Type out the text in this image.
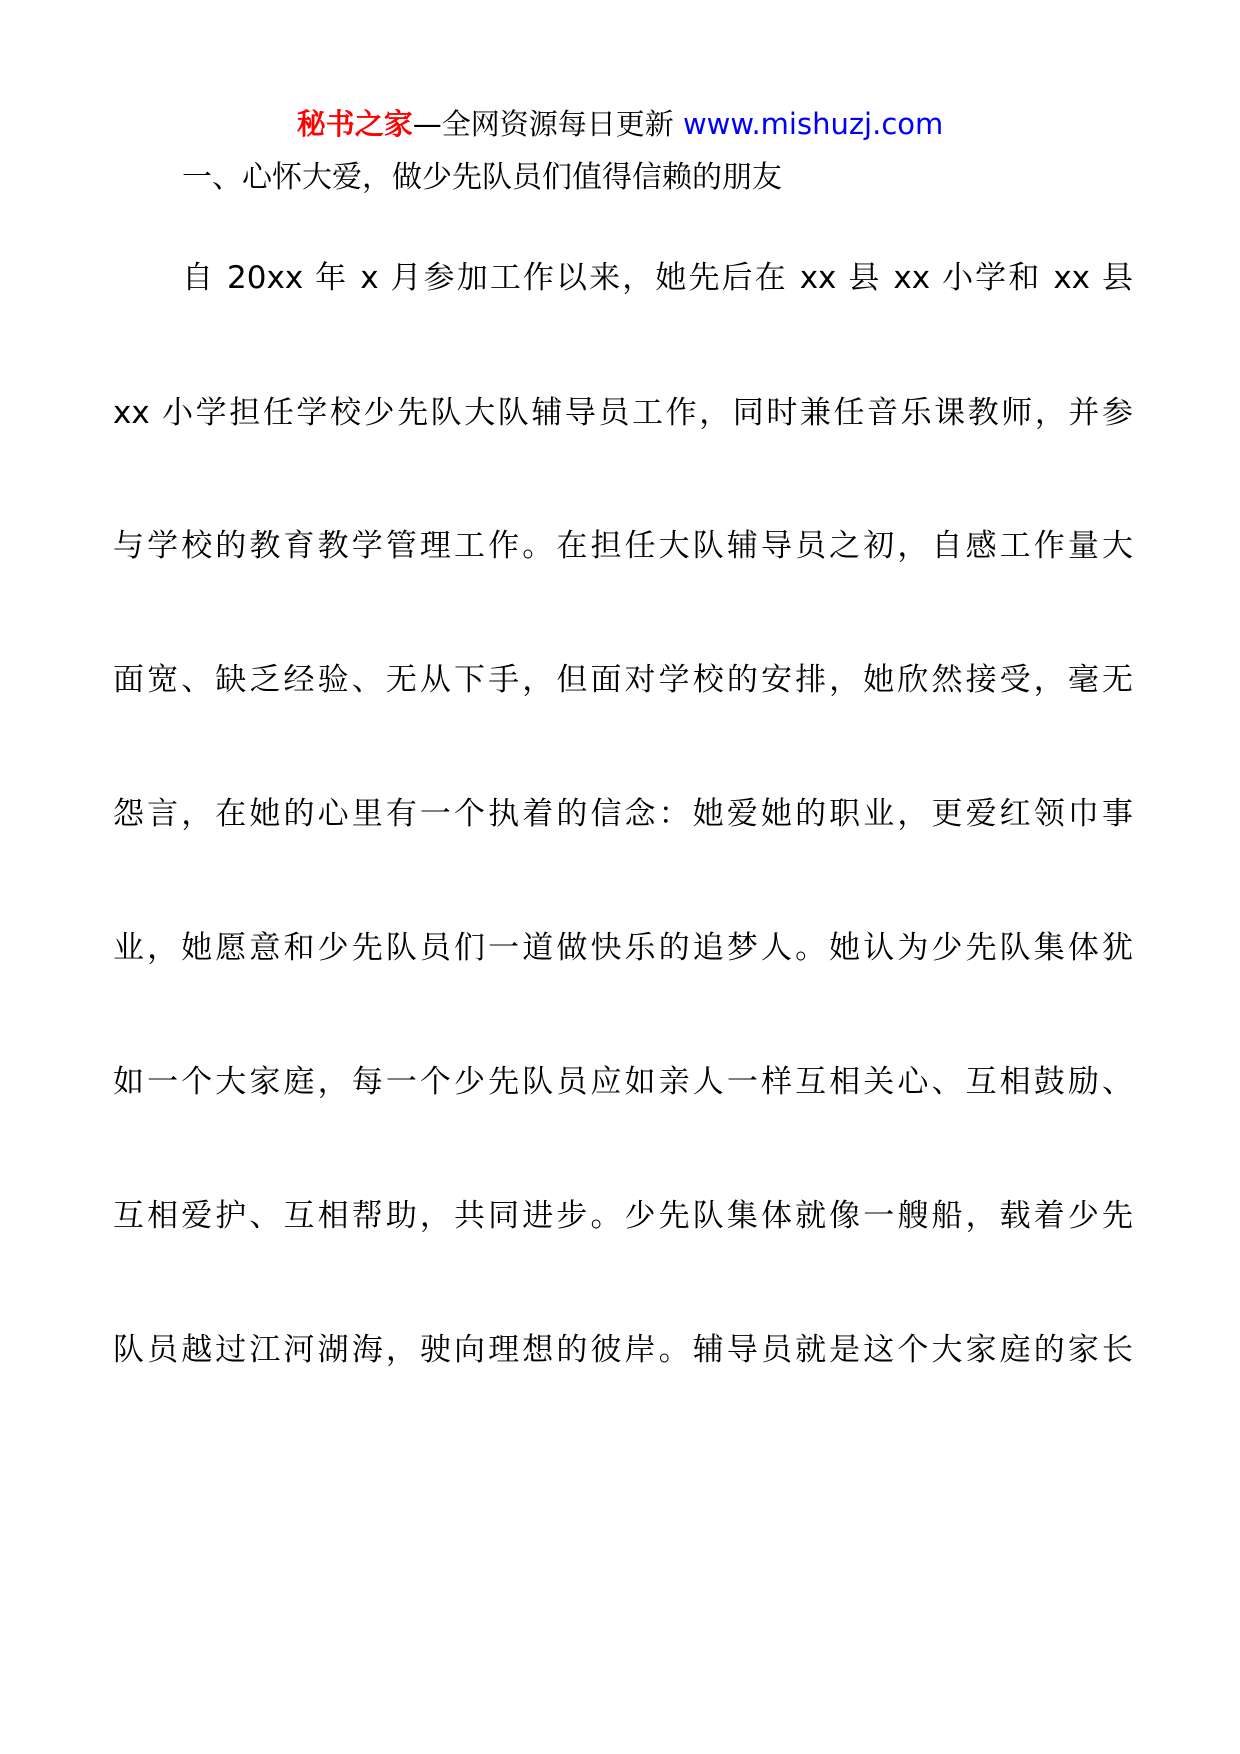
秘书之家—全网资源每日更新 www.mishuzj.com
一、心怀大爱，做少先队员们值得信赖的朋友
自 20xx 年 x 月参加工作以来，她先后在 xx 县 xx 小学和 xx 县
xx 小学担任学校少先队大队辅导员工作，同时兼任音乐课教师，并参
与学校的教育教学管理工作。在担任大队辅导员之初，自感工作量大
面宽、缺乏经验、无从下手，但面对学校的安排，她欣然接受，毫无
怨言，在她的心里有一个执着的信念：她爱她的职业，更爱红领巾事
业，她愿意和少先队员们一道做快乐的追梦人。她认为少先队集体犹
如一个大家庭，每一个少先队员应如亲人一样互相关心、互相鼓励、
互相爱护、互相帮助，共同进步。少先队集体就像一艘船，载着少先
队员越过江河湖海，驶向理想的彼岸。辅导员就是这个大家庭的家长
